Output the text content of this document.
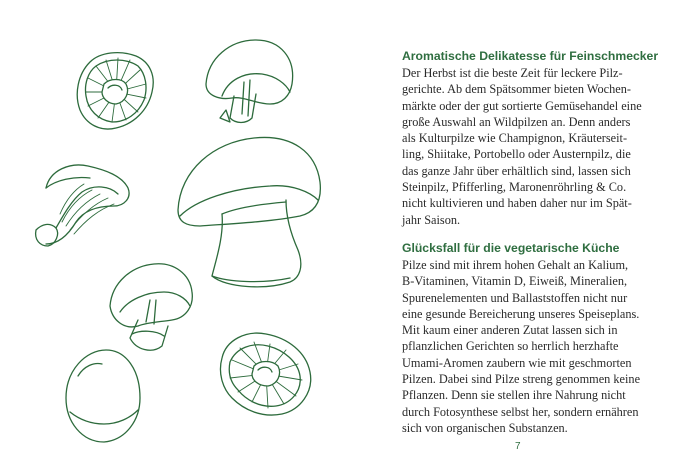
Aromatische Delikatesse für Feinschmecker

Der Herbst ist die beste Zeit für leckere Pilz-

gerichte. Ab dem Spätsommer bieten Wochen-

märkte oder der gut sortierte Gemüsehandel eine

große Auswahl an Wildpilzen an. Denn anders

als Kulturpilze wie Champignon, Kräuterseit-

ling, Shiitake, Portobello oder Austernpilz, die

das ganze Jahr über erhältlich sind, lassen sich

Steinpilz, Pfifferling, Maronenröhrling & Co.

nicht kultivieren und haben daher nur im Spät-

jahr Saison.

Glücksfall für die vegetarische Küche

Pilze sind mit ihrem hohen Gehalt an Kalium,

B-Vitaminen, Vitamin D, Eiweiß, Mineralien,

Spurenelementen und Ballaststoffen nicht nur

eine gesunde Bereicherung unseres Speiseplans.

Mit kaum einer anderen Zutat lassen sich in

pflanzlichen Gerichten so herrlich herzhafte

Umami-Aromen zaubern wie mit geschmorten

Pilzen. Dabei sind Pilze streng genommen keine

Pflanzen. Denn sie stellen ihre Nahrung nicht

durch Fotosynthese selbst her, sondern ernähren

sich von organischen Substanzen.

7
